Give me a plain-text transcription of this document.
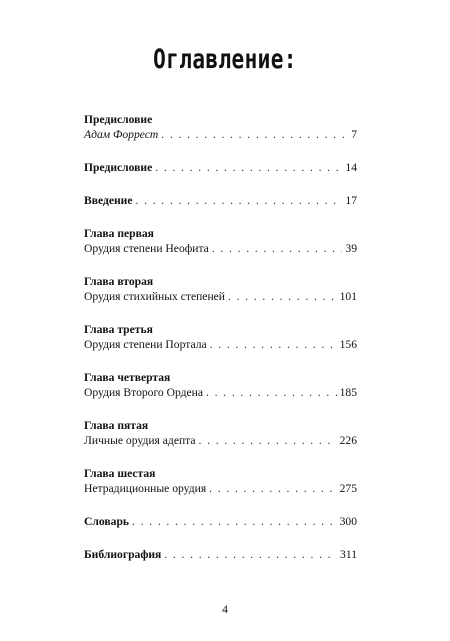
Оглавление:
Предисловие
Адам Форрест . . .	7
Предисловие . . .	14
Введение . . .	17
Глава первая
Орудия степени Неофита . . .	39
Глава вторая
Орудия стихийных степеней . . .	101
Глава третья
Орудия степени Портала . . .	156
Глава четвертая
Орудия Второго Ордена . . .	185
Глава пятая
Личные орудия адепта . . .	226
Глава шестая
Нетрадиционные орудия . . .	275
Словарь . . .	300
Библиография . . .	311
4
